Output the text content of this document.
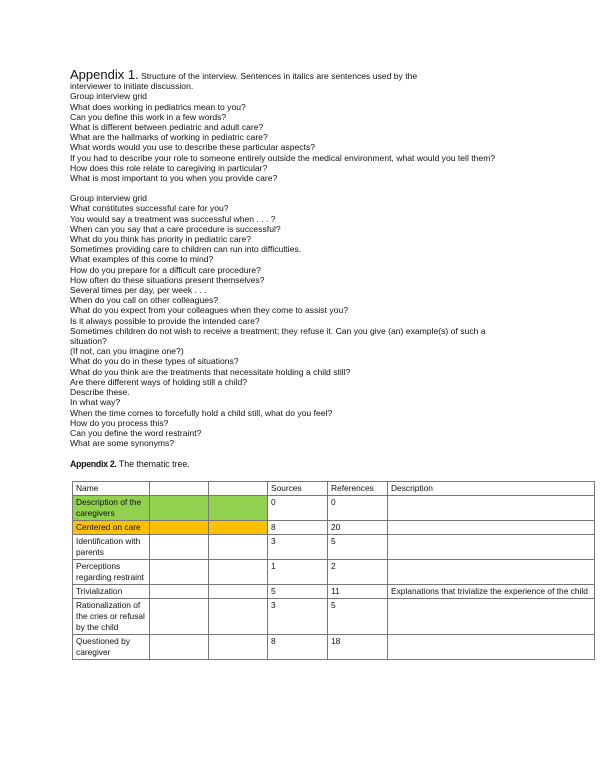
Appendix 1. Structure of the interview. Sentences in italics are sentences used by the
interviewer to initiate discussion.
Group interview grid
What does working in pediatrics mean to you?
Can you define this work in a few words?
What is different between pediatric and adult care?
What are the hallmarks of working in pediatric care?
What words would you use to describe these particular aspects?
If you had to describe your role to someone entirely outside the medical environment, what would you tell them?
How does this role relate to caregiving in particular?
What is most important to you when you provide care?
Group interview grid
What constitutes successful care for you?
You would say a treatment was successful when . . . ?
When can you say that a care procedure is successful?
What do you think has priority in pediatric care?
Sometimes providing care to children can run into difficulties.
What examples of this come to mind?
How do you prepare for a difficult care procedure?
How often do these situations present themselves?
Several times per day, per week . . .
When do you call on other colleagues?
What do you expect from your colleagues when they come to assist you?
Is it always possible to provide the intended care?
Sometimes children do not wish to receive a treatment; they refuse it. Can you give (an) example(s) of such a
situation?
(If not, can you imagine one?)
What do you do in these types of situations?
What do you think are the treatments that necessitate holding a child still?
Are there different ways of holding still a child?
Describe these.
In what way?
When the time comes to forcefully hold a child still, what do you feel?
How do you process this?
Can you define the word restraint?
What are some synonyms?
Appendix 2. The thematic tree.
Name			Sources	References	Description
Description of the caregivers			0	0	
Centered on care			8	20	
Identification with parents			3	5	
Perceptions regarding restraint			1	2	
Trivialization			5	11	Explanations that trivialize the experience of the child
Rationalization of the cries or refusal by the child			3	5	
Questioned by caregiver			8	18	
